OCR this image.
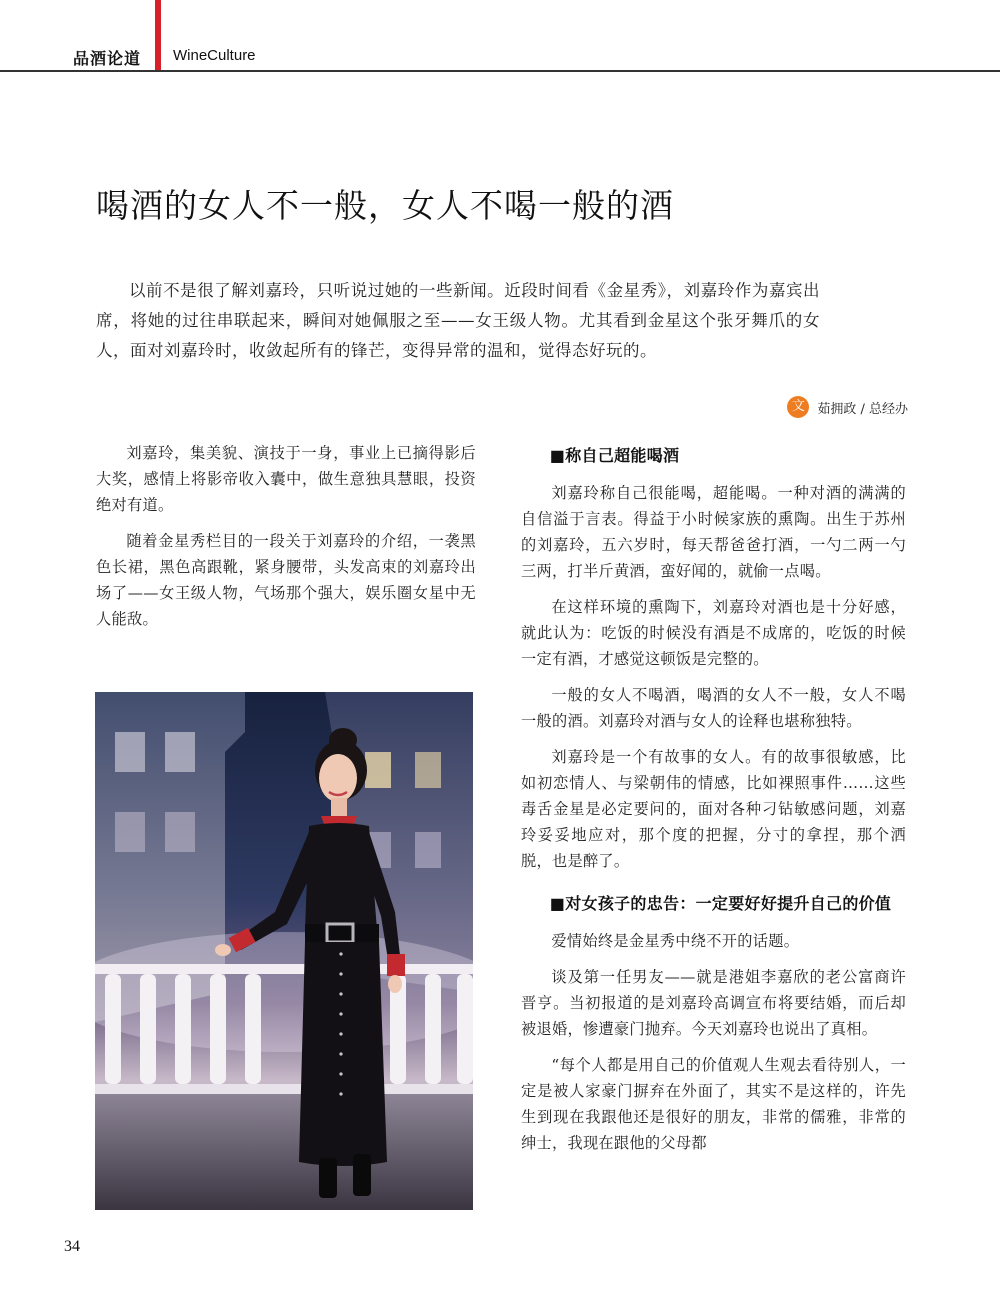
品酒论道 WineCulture
喝酒的女人不一般，女人不喝一般的酒

以前不是很了解刘嘉玲，只听说过她的一些新闻。近段时间看《金星秀》，刘嘉玲作为嘉宾出席，将她的过往串联起来，瞬间对她佩服之至——女王级人物。尤其看到金星这个张牙舞爪的女人，面对刘嘉玲时，收敛起所有的锋芒，变得异常的温和，觉得态好玩的。

文 茹拥政 / 总经办

刘嘉玲，集美貌、演技于一身，事业上已摘得影后大奖，感情上将影帝收入囊中，做生意独具慧眼，投资绝对有道。

随着金星秀栏目的一段关于刘嘉玲的介绍，一袭黑色长裙，黑色高跟靴，紧身腰带，头发高束的刘嘉玲出场了——女王级人物，气场那个强大，娱乐圈女星中无人能敌。

■称自己超能喝酒

刘嘉玲称自己很能喝，超能喝。一种对酒的满满的自信溢于言表。得益于小时候家族的熏陶。出生于苏州的刘嘉玲，五六岁时，每天帮爸爸打酒，一勺二两一勺三两，打半斤黄酒，蛮好闻的，就偷一点喝。

在这样环境的熏陶下，刘嘉玲对酒也是十分好感，就此认为：吃饭的时候没有酒是不成席的，吃饭的时候一定有酒，才感觉这顿饭是完整的。

一般的女人不喝酒，喝酒的女人不一般，女人不喝一般的酒。刘嘉玲对酒与女人的诠释也堪称独特。

刘嘉玲是一个有故事的女人。有的故事很敏感，比如初恋情人、与梁朝伟的情感，比如裸照事件……这些毒舌金星是必定要问的，面对各种刁钻敏感问题，刘嘉玲妥妥地应对，那个度的把握，分寸的拿捏，那个洒脱，也是醉了。

■对女孩子的忠告：一定要好好提升自己的价值

爱情始终是金星秀中绕不开的话题。

谈及第一任男友——就是港姐李嘉欣的老公富商许晋亨。当初报道的是刘嘉玲高调宣布将要结婚，而后却被退婚，惨遭豪门抛弃。今天刘嘉玲也说出了真相。

“每个人都是用自己的价值观人生观去看待别人，一定是被人家豪门摒弃在外面了，其实不是这样的，许先生到现在我跟他还是很好的朋友，非常的儒雅，非常的绅士，我现在跟他的父母都

34
